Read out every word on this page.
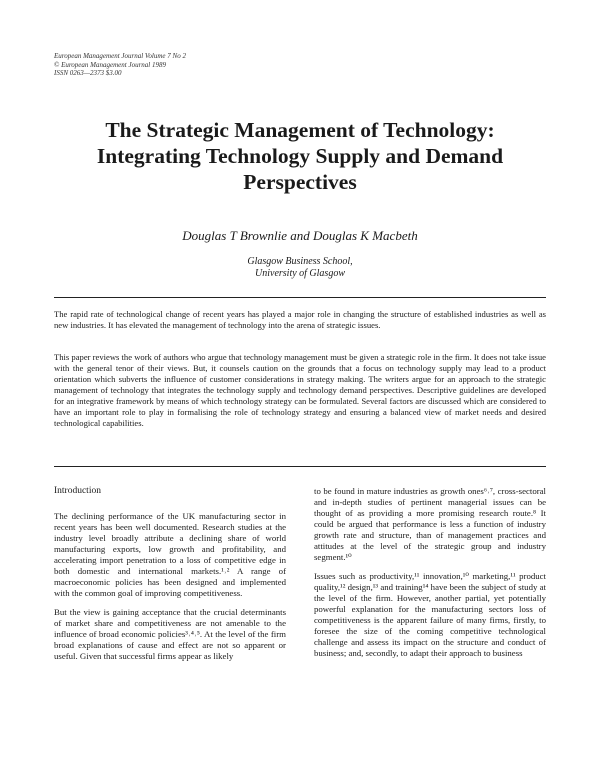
European Management Journal Volume 7 No 2
© European Management Journal 1989
ISSN 0263—2373 $3.00
The Strategic Management of Technology:
Integrating Technology Supply and Demand
Perspectives
Douglas T Brownlie and Douglas K Macbeth
Glasgow Business School,
University of Glasgow

The rapid rate of technological change of recent years has played a major role in changing the structure of established industries as well as new industries. It has elevated the management of technology into the arena of strategic issues.

This paper reviews the work of authors who argue that technology management must be given a strategic role in the firm. It does not take issue with the general tenor of their views. But, it counsels caution on the grounds that a focus on technology supply may lead to a product orientation which subverts the influence of customer considerations in strategy making. The writers argue for an approach to the strategic management of technology that integrates the technology supply and technology demand perspectives. Descriptive guidelines are developed for an integrative framework by means of which technology strategy can be formulated. Several factors are discussed which are considered to have an important role to play in formalising the role of technology strategy and ensuring a balanced view of market needs and desired technological capabilities.

Introduction

The declining performance of the UK manufacturing sector in recent years has been well documented. Research studies at the industry level broadly attribute a declining share of world manufacturing exports, low growth and profitability, and accelerating import penetration to a loss of competitive edge in both domestic and international markets.¹˒² A range of macroeconomic policies has been designed and implemented with the common goal of improving competitiveness.

But the view is gaining acceptance that the crucial determinants of market share and competitiveness are not amenable to the influence of broad economic policies³˒⁴˒⁵. At the level of the firm broad explanations of cause and effect are not so apparent or useful. Given that successful firms appear as likely

to be found in mature industries as growth ones⁶˒⁷, cross-sectoral and in-depth studies of pertinent managerial issues can be thought of as providing a more promising research route.⁸ It could be argued that performance is less a function of industry growth rate and structure, than of management practices and attitudes at the level of the strategic group and industry segment.¹⁰

Issues such as productivity,¹¹ innovation,¹⁰ marketing,¹¹ product quality,¹² design,¹³ and training¹⁴ have been the subject of study at the level of the firm. However, another partial, yet potentially powerful explanation for the manufacturing sectors loss of competitiveness is the apparent failure of many firms, firstly, to foresee the size of the coming competitive technological challenge and assess its impact on the structure and conduct of business; and, secondly, to adapt their approach to business
